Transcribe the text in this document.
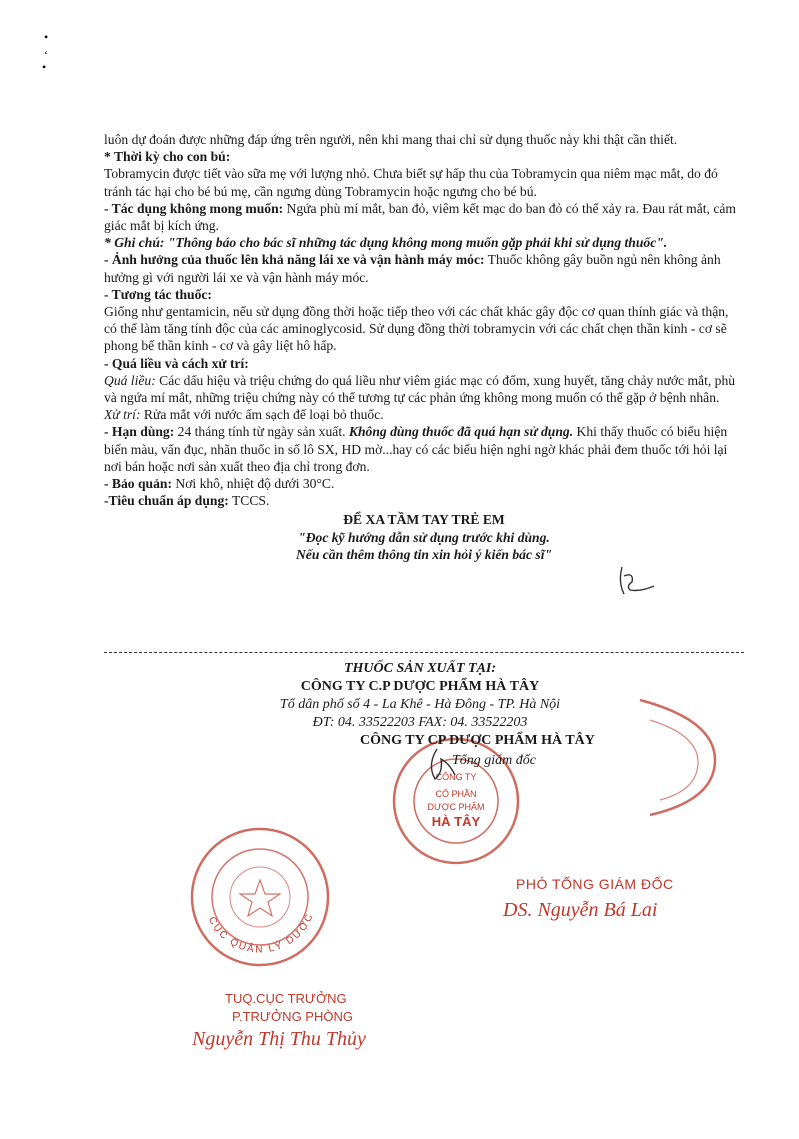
•
‘
•

luôn dự đoán được những đáp ứng trên người, nên khi mang thai chỉ sử dụng thuốc này khi thật cần thiết.

* Thời kỳ cho con bú:

Tobramycin được tiết vào sữa mẹ với lượng nhỏ. Chưa biết sự hấp thu của Tobramycin qua niêm mạc mắt, do đó tránh tác hại cho bé bú mẹ, cần ngưng dùng Tobramycin hoặc ngưng cho bé bú.

- Tác dụng không mong muốn: Ngứa phù mí mắt, ban đỏ, viêm kết mạc do ban đỏ có thể xảy ra. Đau rát mắt, cảm giác mắt bị kích ứng.

* Ghi chú: "Thông báo cho bác sĩ những tác dụng không mong muốn gặp phải khi sử dụng thuốc".

- Ảnh hưởng của thuốc lên khả năng lái xe và vận hành máy móc: Thuốc không gây buồn ngủ nên không ảnh hưởng gì với người lái xe và vận hành máy móc.

- Tương tác thuốc:

Giống như gentamicin, nếu sử dụng đồng thời hoặc tiếp theo với các chất khác gây độc cơ quan thính giác và thận, có thể làm tăng tính độc của các aminoglycosid. Sử dụng đồng thời tobramycin với các chất chẹn thần kinh - cơ sẽ phong bế thần kinh - cơ và gây liệt hô hấp.

- Quá liều và cách xử trí:

Quá liều: Các dấu hiệu và triệu chứng do quá liều như viêm giác mạc có đốm, xung huyết, tăng chảy nước mắt, phù và ngứa mí mắt, những triệu chứng này có thể tương tự các phản ứng không mong muốn có thể gặp ở bệnh nhân.

Xử trí: Rửa mắt với nước ấm sạch để loại bỏ thuốc.

- Hạn dùng: 24 tháng tính từ ngày sản xuất. Không dùng thuốc đã quá hạn sử dụng. Khi thấy thuốc có biểu hiện biến màu, vẩn đục, nhãn thuốc in số lô SX, HD mờ...hay có các biểu hiện nghi ngờ khác phải đem thuốc tới hỏi lại nơi bán hoặc nơi sản xuất theo địa chỉ trong đơn.

- Bảo quản: Nơi khô, nhiệt độ dưới 30°C.

-Tiêu chuẩn áp dụng: TCCS.

ĐỂ XA TẦM TAY TRẺ EM

"Đọc kỹ hướng dẫn sử dụng trước khi dùng.

Nếu cần thêm thông tin xin hỏi ý kiến bác sĩ"

THUỐC SẢN XUẤT TẠI:
CÔNG TY C.P DƯỢC PHẨM HÀ TÂY
Tổ dân phố số 4 - La Khê - Hà Đông - TP. Hà Nội
ĐT: 04. 33522203 FAX: 04. 33522203
CÔNG TY
CỔ PHẦN
DƯỢC PHẨM
HÀ TÂY
CÔNG TY CP DƯỢC PHẨM HÀ TÂY
Tổng giám đốc
PHÓ TỔNG GIÁM ĐỐC
DS. Nguyễn Bá Lai
CỤC QUẢN LÝ DƯỢC
TUQ.CỤC TRƯỞNG
P.TRƯỞNG PHÒNG
Nguyễn Thị Thu Thủy
